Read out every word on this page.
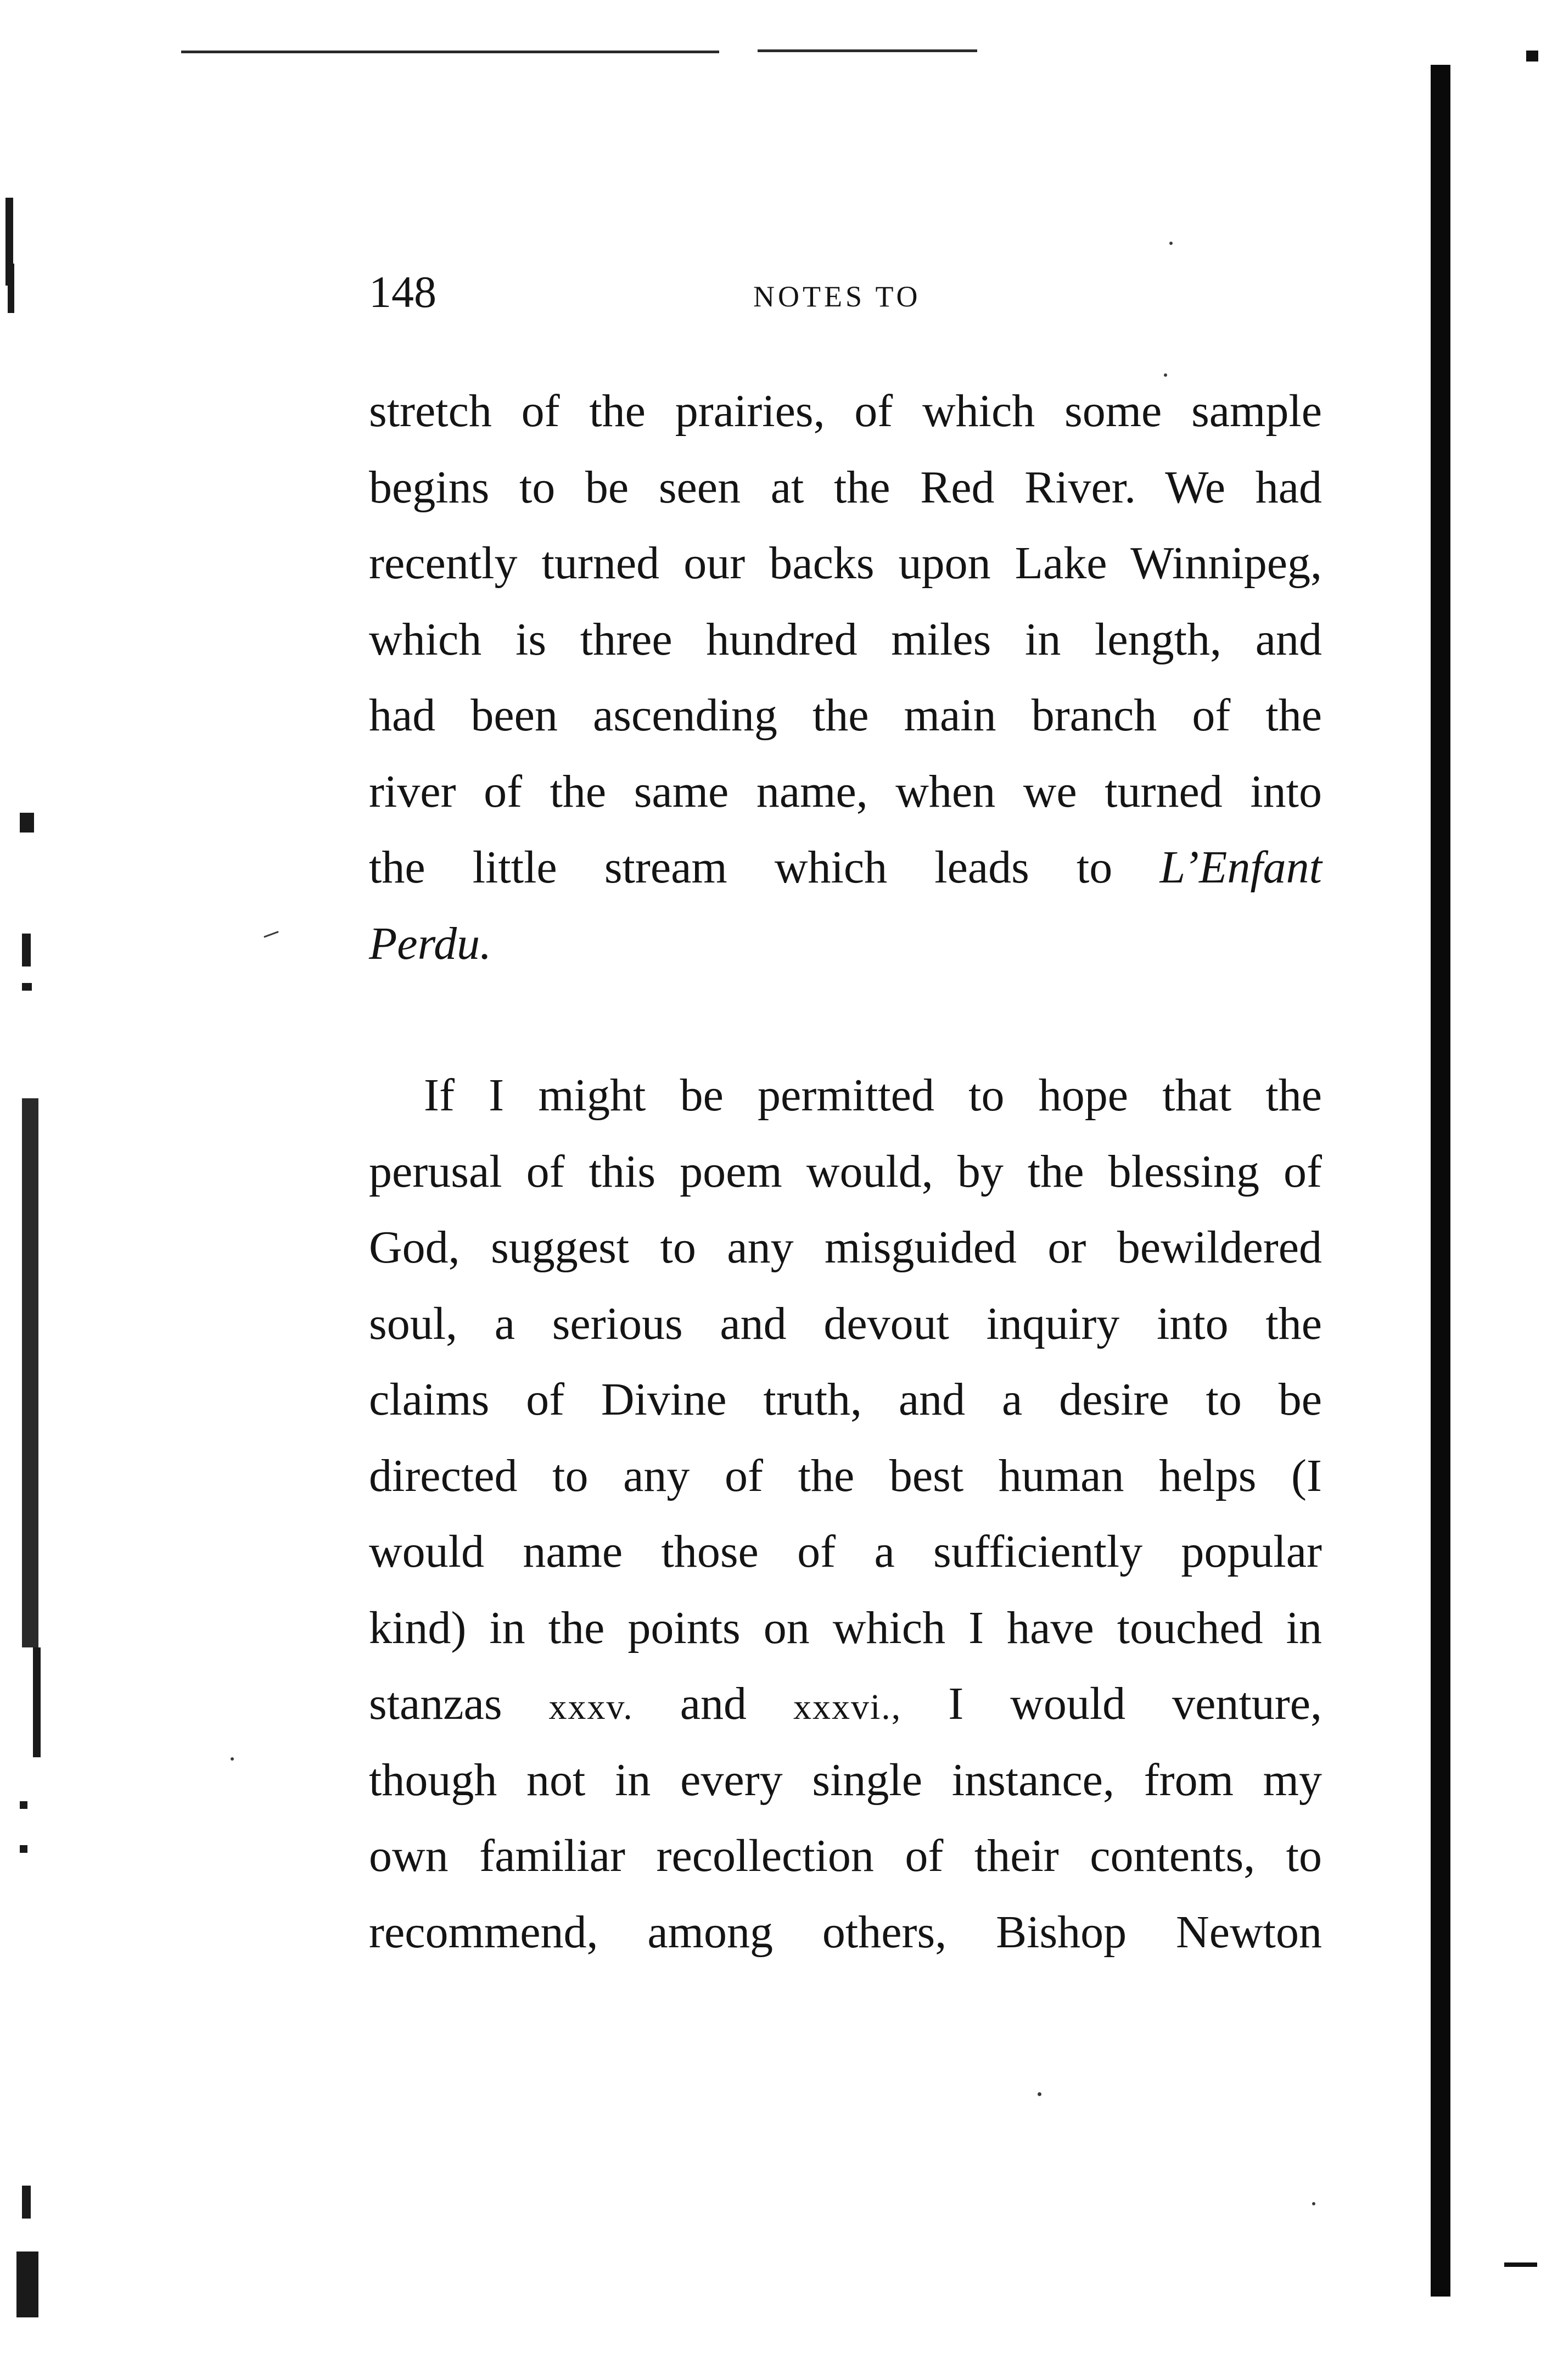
148	NOTES TO
stretch of the prairies, of which some sample
begins to be seen at the Red River. We had
recently turned our backs upon Lake Winnipeg,
which is three hundred miles in length, and
had been ascending the main branch of the
river of the same name, when we turned into
the little stream which leads to L’Enfant
Perdu.
If I might be permitted to hope that the
perusal of this poem would, by the blessing of
God, suggest to any misguided or bewildered
soul, a serious and devout inquiry into the
claims of Divine truth, and a desire to be
directed to any of the best human helps (I
would name those of a sufficiently popular
kind) in the points on which I have touched in
stanzas xxxv. and xxxvi., I would venture,
though not in every single instance, from my
own familiar recollection of their contents, to
recommend, among others, Bishop Newton
